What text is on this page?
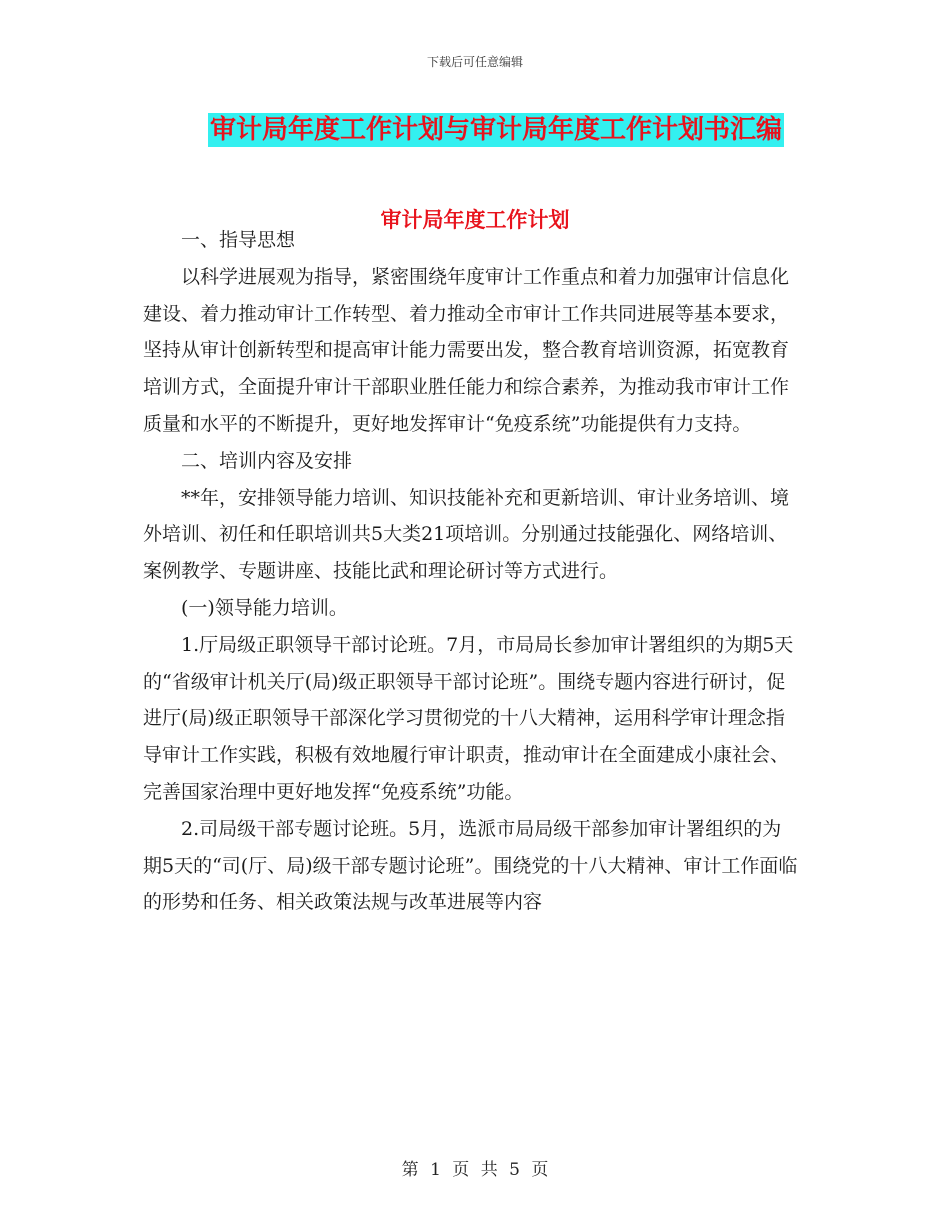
下载后可任意编辑
审计局年度工作计划与审计局年度工作计划书汇编
审计局年度工作计划

一、指导思想

以科学进展观为指导，紧密围绕年度审计工作重点和着力加强审计信息化建设、着力推动审计工作转型、着力推动全市审计工作共同进展等基本要求，坚持从审计创新转型和提高审计能力需要出发，整合教育培训资源，拓宽教育培训方式，全面提升审计干部职业胜任能力和综合素养，为推动我市审计工作质量和水平的不断提升，更好地发挥审计“免疫系统”功能提供有力支持。

二、培训内容及安排

**年，安排领导能力培训、知识技能补充和更新培训、审计业务培训、境外培训、初任和任职培训共5大类21项培训。分别通过技能强化、网络培训、案例教学、专题讲座、技能比武和理论研讨等方式进行。

(一)领导能力培训。

1.厅局级正职领导干部讨论班。7月，市局局长参加审计署组织的为期5天的“省级审计机关厅(局)级正职领导干部讨论班”。围绕专题内容进行研讨，促进厅(局)级正职领导干部深化学习贯彻党的十八大精神，运用科学审计理念指导审计工作实践，积极有效地履行审计职责，推动审计在全面建成小康社会、完善国家治理中更好地发挥“免疫系统”功能。

2.司局级干部专题讨论班。5月，选派市局局级干部参加审计署组织的为期5天的“司(厅、局)级干部专题讨论班”。围绕党的十八大精神、审计工作面临的形势和任务、相关政策法规与改革进展等内容

第 1 页 共 5 页
